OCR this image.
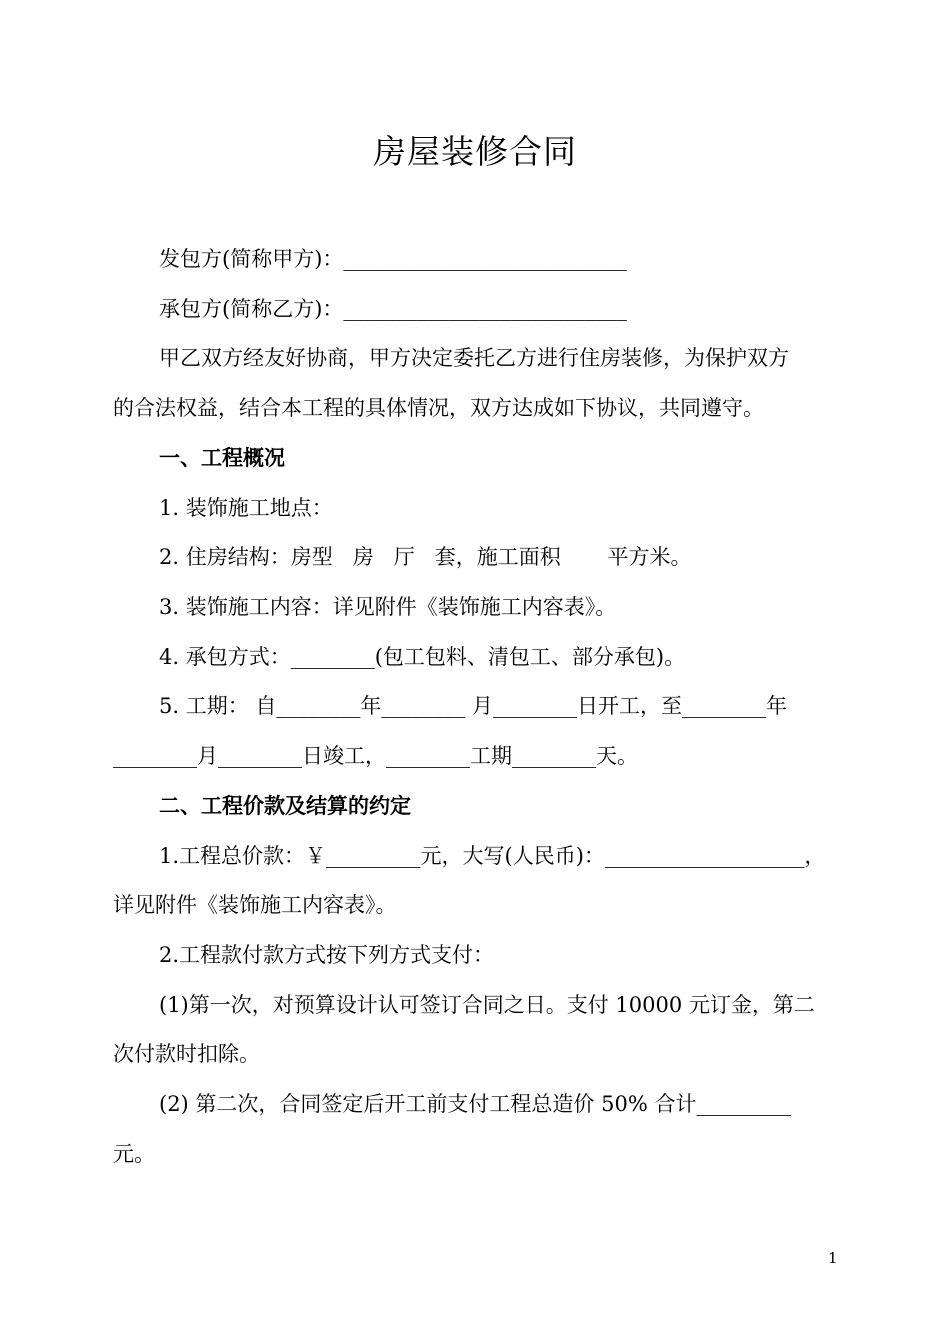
房屋装修合同
发包方(简称甲方)：___________________________
承包方(简称乙方)：___________________________
甲乙双方经友好协商，甲方决定委托乙方进行住房装修，为保护双方
的合法权益，结合本工程的具体情况，双方达成如下协议，共同遵守。
一、工程概况
1. 装饰施工地点：
2. 住房结构：房型   房   厅   套，施工面积       平方米。
3. 装饰施工内容：详见附件《装饰施工内容表》。
4. 承包方式：________(包工包料、清包工、部分承包)。
5. 工期： 自________年________ 月________日开工，至________年
________月________日竣工，________工期________天。
二、工程价款及结算的约定
1.工程总价款：￥_________元，大写(人民币)：___________________，
详见附件《装饰施工内容表》。
2.工程款付款方式按下列方式支付：
(1)第一次，对预算设计认可签订合同之日。支付 10000 元订金，第二
次付款时扣除。
(2) 第二次，合同签定后开工前支付工程总造价 50% 合计_________
元。
1
